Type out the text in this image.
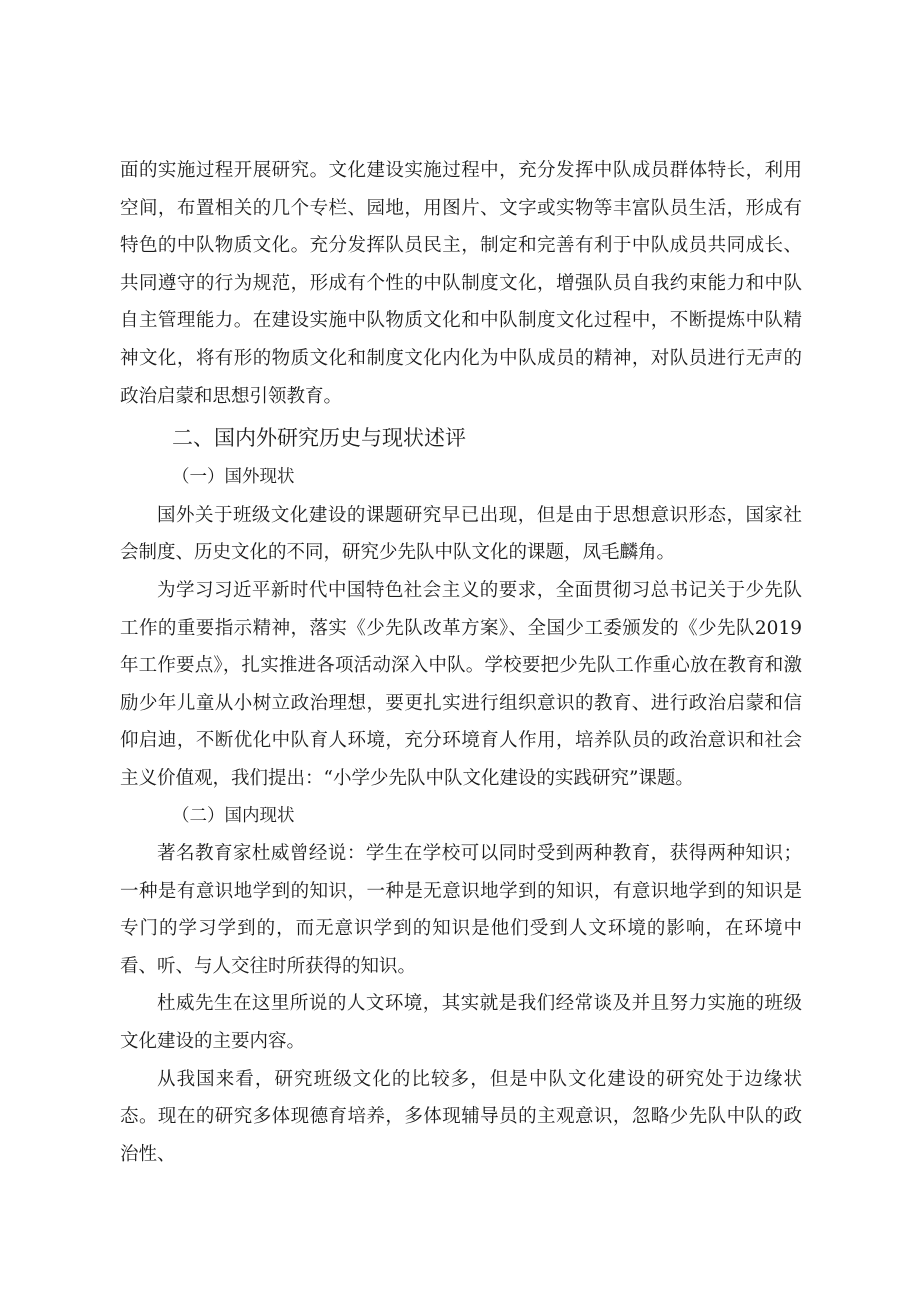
面的实施过程开展研究。文化建设实施过程中，充分发挥中队成员群体特长，利用空间，布置相关的几个专栏、园地，用图片、文字或实物等丰富队员生活，形成有特色的中队物质文化。充分发挥队员民主，制定和完善有利于中队成员共同成长、共同遵守的行为规范，形成有个性的中队制度文化，增强队员自我约束能力和中队自主管理能力。在建设实施中队物质文化和中队制度文化过程中，不断提炼中队精神文化，将有形的物质文化和制度文化内化为中队成员的精神，对队员进行无声的政治启蒙和思想引领教育。

二、国内外研究历史与现状述评

（一）国外现状

国外关于班级文化建设的课题研究早已出现，但是由于思想意识形态，国家社会制度、历史文化的不同，研究少先队中队文化的课题，凤毛麟角。

为学习习近平新时代中国特色社会主义的要求，全面贯彻习总书记关于少先队工作的重要指示精神，落实《少先队改革方案》、全国少工委颁发的《少先队2019年工作要点》，扎实推进各项活动深入中队。学校要把少先队工作重心放在教育和激励少年儿童从小树立政治理想，要更扎实进行组织意识的教育、进行政治启蒙和信仰启迪，不断优化中队育人环境，充分环境育人作用，培养队员的政治意识和社会主义价值观，我们提出：“小学少先队中队文化建设的实践研究”课题。

（二）国内现状

著名教育家杜威曾经说：学生在学校可以同时受到两种教育，获得两种知识；一种是有意识地学到的知识，一种是无意识地学到的知识，有意识地学到的知识是专门的学习学到的，而无意识学到的知识是他们受到人文环境的影响，在环境中看、听、与人交往时所获得的知识。

杜威先生在这里所说的人文环境，其实就是我们经常谈及并且努力实施的班级文化建设的主要内容。

从我国来看，研究班级文化的比较多，但是中队文化建设的研究处于边缘状态。现在的研究多体现德育培养，多体现辅导员的主观意识，忽略少先队中队的政治性、
